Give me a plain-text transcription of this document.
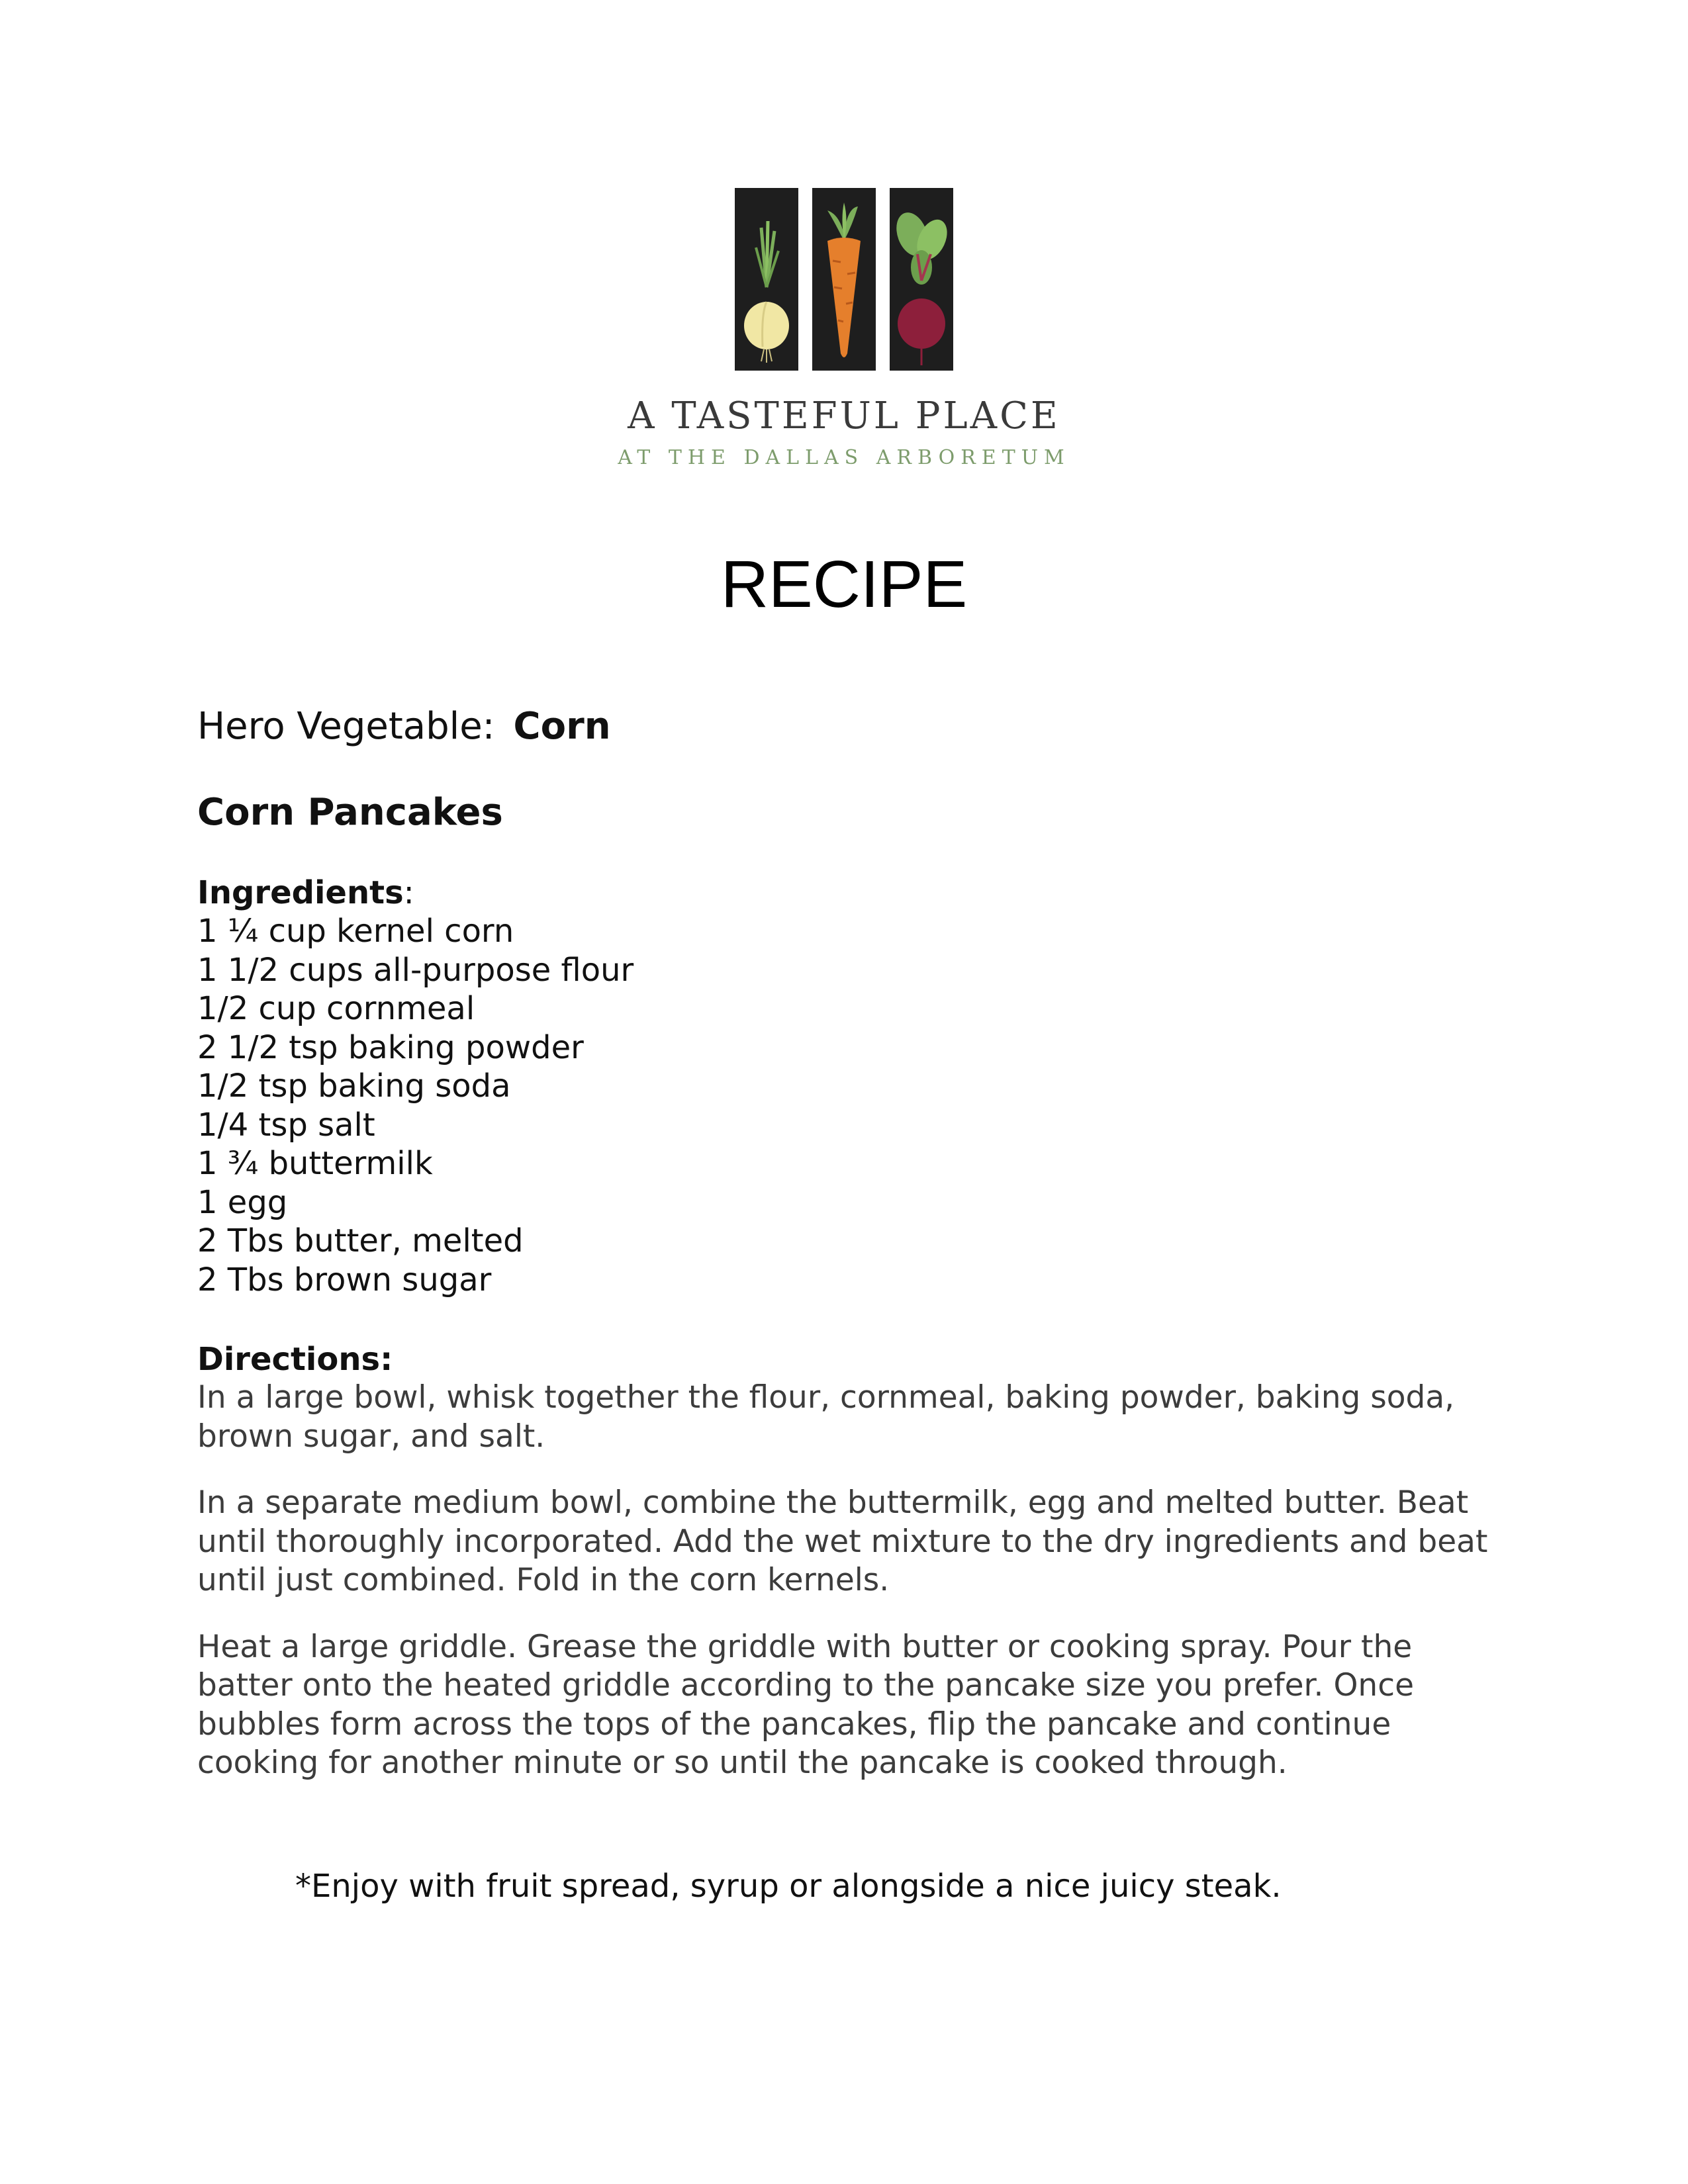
A TASTEFUL PLACE
AT THE DALLAS ARBORETUM
RECIPE
Hero Vegetable: Corn
Corn Pancakes
Ingredients:
1 ¼ cup kernel corn
1 1/2 cups all-purpose flour
1/2 cup cornmeal
2 1/2 tsp baking powder
1/2 tsp baking soda
1/4 tsp salt
1 ¾ buttermilk
1 egg
2 Tbs butter, melted
2 Tbs brown sugar
Directions:

In a large bowl, whisk together the flour, cornmeal, baking powder, baking soda, brown sugar, and salt.

In a separate medium bowl, combine the buttermilk, egg and melted butter. Beat until thoroughly incorporated. Add the wet mixture to the dry ingredients and beat until just combined. Fold in the corn kernels.

Heat a large griddle. Grease the griddle with butter or cooking spray. Pour the batter onto the heated griddle according to the pancake size you prefer. Once bubbles form across the tops of the pancakes, flip the pancake and continue cooking for another minute or so until the pancake is cooked through.

*Enjoy with fruit spread, syrup or alongside a nice juicy steak.
